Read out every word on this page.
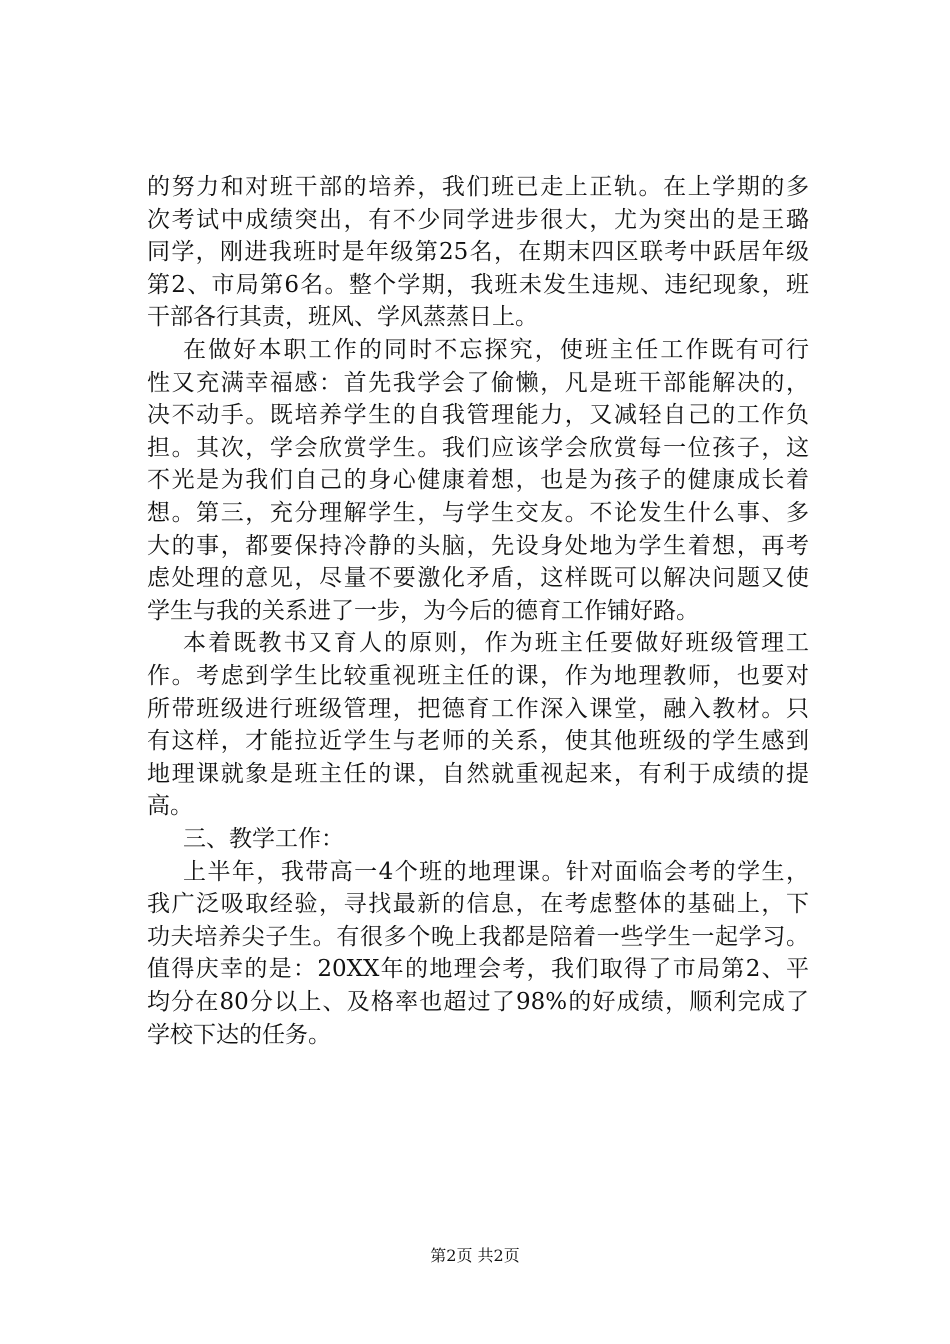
的努力和对班干部的培养，我们班已走上正轨。在上学期的多
次考试中成绩突出，有不少同学进步很大，尤为突出的是王璐
同学，刚进我班时是年级第25名，在期末四区联考中跃居年级
第2、市局第6名。整个学期，我班未发生违规、违纪现象，班
干部各行其责，班风、学风蒸蒸日上。
在做好本职工作的同时不忘探究，使班主任工作既有可行
性又充满幸福感：首先我学会了偷懒，凡是班干部能解决的，
决不动手。既培养学生的自我管理能力，又减轻自己的工作负
担。其次，学会欣赏学生。我们应该学会欣赏每一位孩子，这
不光是为我们自己的身心健康着想，也是为孩子的健康成长着
想。第三，充分理解学生，与学生交友。不论发生什么事、多
大的事，都要保持冷静的头脑，先设身处地为学生着想，再考
虑处理的意见，尽量不要激化矛盾，这样既可以解决问题又使
学生与我的关系进了一步，为今后的德育工作铺好路。
本着既教书又育人的原则，作为班主任要做好班级管理工
作。考虑到学生比较重视班主任的课，作为地理教师，也要对
所带班级进行班级管理，把德育工作深入课堂，融入教材。只
有这样，才能拉近学生与老师的关系，使其他班级的学生感到
地理课就象是班主任的课，自然就重视起来，有利于成绩的提
高。
三、教学工作：
上半年，我带高一4个班的地理课。针对面临会考的学生，
我广泛吸取经验，寻找最新的信息，在考虑整体的基础上，下
功夫培养尖子生。有很多个晚上我都是陪着一些学生一起学习。
值得庆幸的是：20XX年的地理会考，我们取得了市局第2、平
均分在80分以上、及格率也超过了98%的好成绩，顺利完成了
学校下达的任务。
第2页 共2页
